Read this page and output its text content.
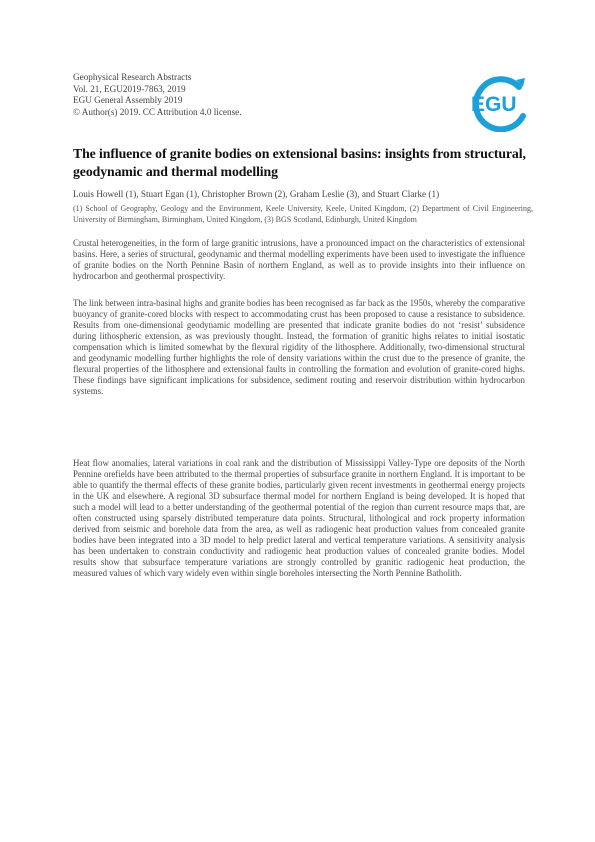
Geophysical Research Abstracts
Vol. 21, EGU2019-7863, 2019
EGU General Assembly 2019
© Author(s) 2019. CC Attribution 4.0 license.	EGU
The influence of granite bodies on extensional basins: insights from structural, geodynamic and thermal modelling
Louis Howell (1), Stuart Egan (1), Christopher Brown (2), Graham Leslie (3), and Stuart Clarke (1)
(1) School of Geography, Geology and the Environment, Keele University, Keele, United Kingdom, (2) Department of Civil Engineering, University of Birmingham, Birmingham, United Kingdom, (3) BGS Scotland, Edinburgh, United Kingdom
Crustal heterogeneities, in the form of large granitic intrusions, have a pronounced impact on the characteristics of extensional basins. Here, a series of structural, geodynamic and thermal modelling experiments have been used to investigate the influence of granite bodies on the North Pennine Basin of northern England, as well as to provide insights into their influence on hydrocarbon and geothermal prospectivity.
The link between intra-basinal highs and granite bodies has been recognised as far back as the 1950s, whereby the comparative buoyancy of granite-cored blocks with respect to accommodating crust has been proposed to cause a resistance to subsidence. Results from one-dimensional geodynamic modelling are presented that indicate granite bodies do not ‘resist’ subsidence during lithospheric extension, as was previously thought. Instead, the formation of granitic highs relates to initial isostatic compensation which is limited somewhat by the flexural rigidity of the lithosphere. Additionally, two-dimensional structural and geodynamic modelling further highlights the role of density variations within the crust due to the presence of granite, the flexural properties of the lithosphere and extensional faults in controlling the formation and evolution of granite-cored highs. These findings have significant implications for subsidence, sediment routing and reservoir distribution within hydrocarbon systems.
Heat flow anomalies, lateral variations in coal rank and the distribution of Mississippi Valley-Type ore deposits of the North Pennine orefields have been attributed to the thermal properties of subsurface granite in northern England. It is important to be able to quantify the thermal effects of these granite bodies, particularly given recent investments in geothermal energy projects in the UK and elsewhere. A regional 3D subsurface thermal model for northern England is being developed. It is hoped that such a model will lead to a better understanding of the geothermal potential of the region than current resource maps that, are often constructed using sparsely distributed temperature data points. Structural, lithological and rock property information derived from seismic and borehole data from the area, as well as radiogenic heat production values from concealed granite bodies have been integrated into a 3D model to help predict lateral and vertical temperature variations. A sensitivity analysis has been undertaken to constrain conductivity and radiogenic heat production values of concealed granite bodies. Model results show that subsurface temperature variations are strongly controlled by granitic radiogenic heat production, the measured values of which vary widely even within single boreholes intersecting the North Pennine Batholith.
